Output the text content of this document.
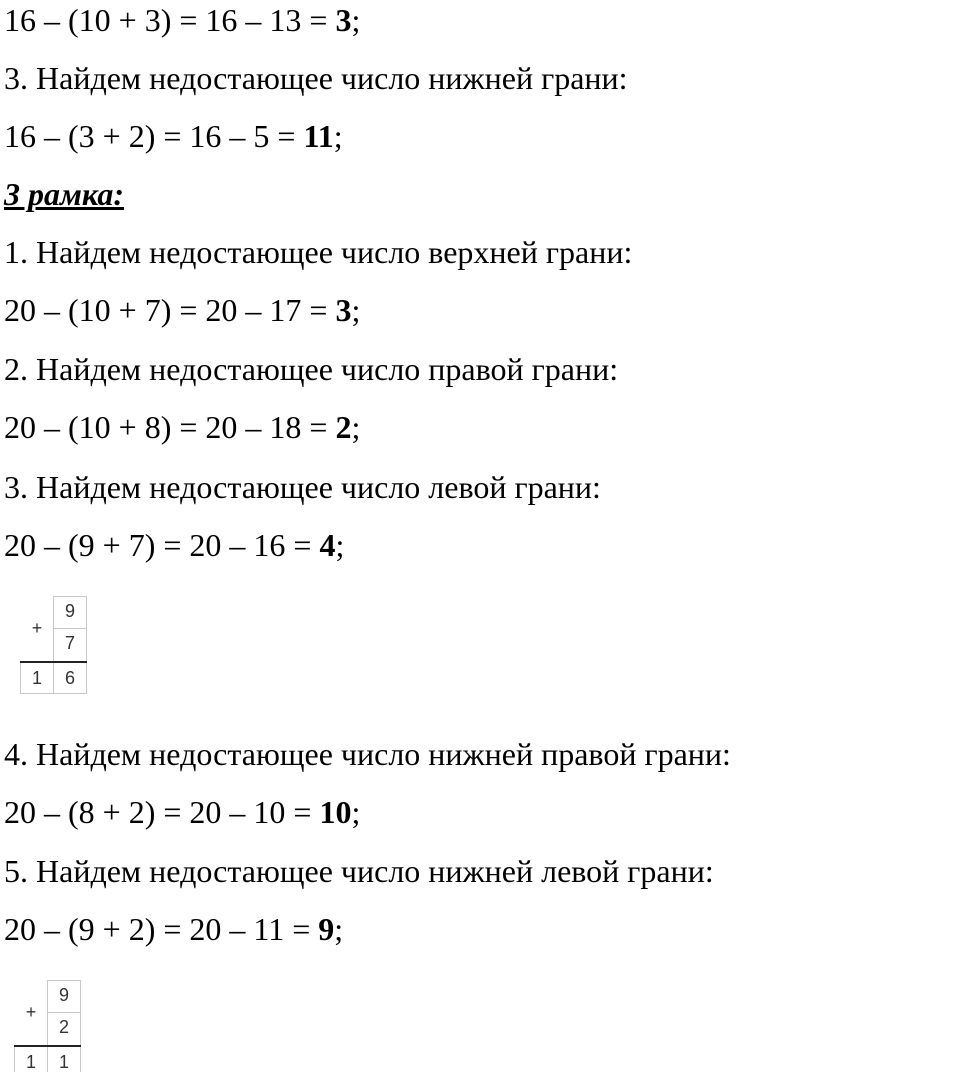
16 – (10 + 3) = 16 – 13 = 3;
3. Найдем недостающее число нижней грани:
16 – (3 + 2) = 16 – 5 = 11;
3 рамка:
1. Найдем недостающее число верхней грани:
20 – (10 + 7) = 20 – 17 = 3;
2. Найдем недостающее число правой грани:
20 – (10 + 8) = 20 – 18 = 2;
3. Найдем недостающее число левой грани:
20 – (9 + 7) = 20 – 16 = 4;
+
9
7
1	6
4. Найдем недостающее число нижней правой грани:
20 – (8 + 2) = 20 – 10 = 10;
5. Найдем недостающее число нижней левой грани:
20 – (9 + 2) = 20 – 11 = 9;
+
9
2
1	1
